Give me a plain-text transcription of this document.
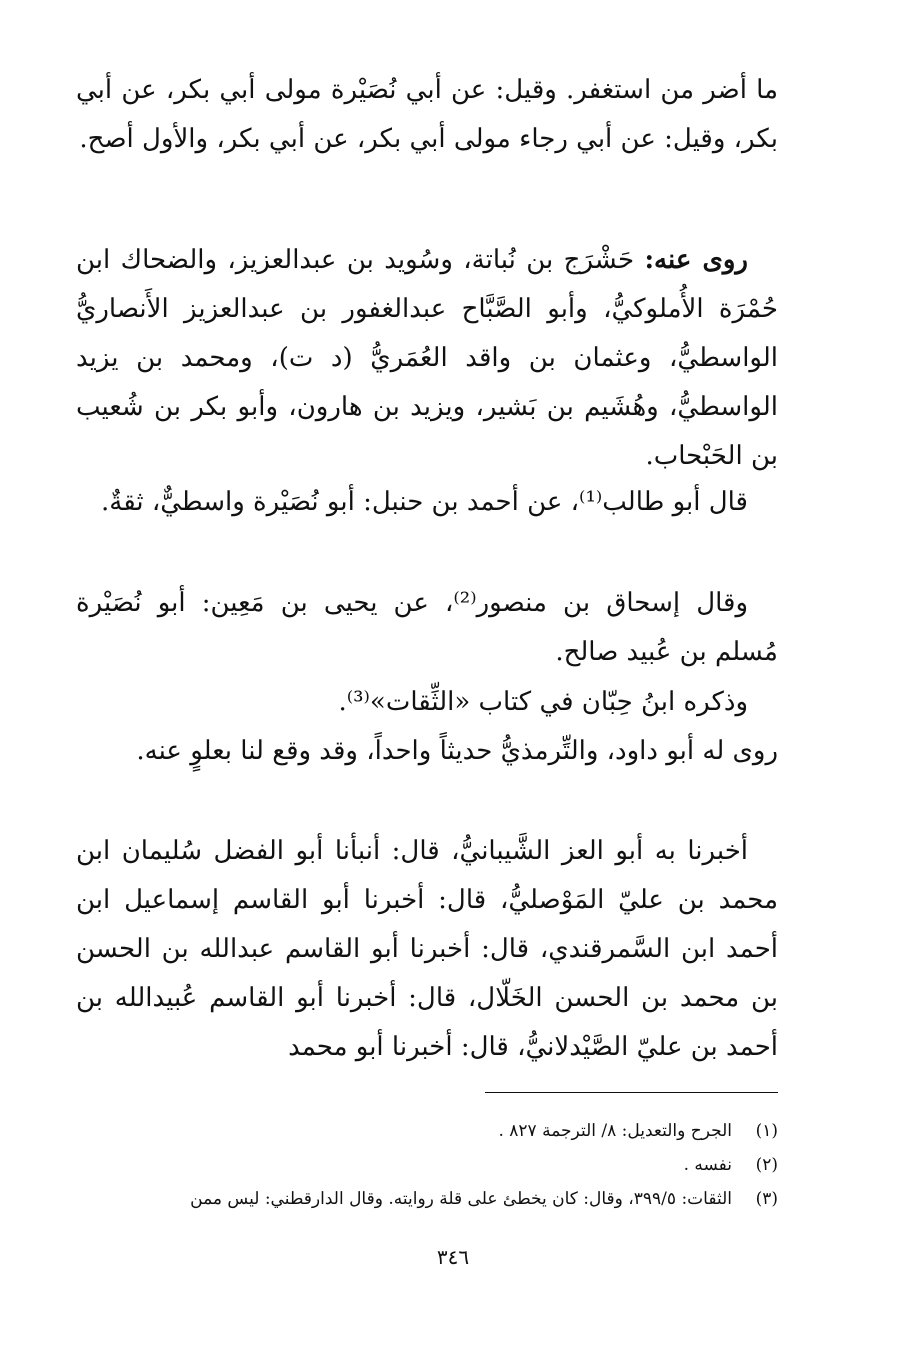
ما أضر من استغفر. وقيل: عن أبي نُصَيْرة مولى أبي بكر، عن أبي بكر، وقيل: عن أبي رجاء مولى أبي بكر، عن أبي بكر، والأول أصح.

روى عنه: حَشْرَج بن نُباتة، وسُويد بن عبدالعزيز، والضحاك ابن حُمْرَة الأُملوكيُّ، وأبو الصَّبَّاح عبدالغفور بن عبدالعزيز الأَنصاريُّ الواسطيُّ، وعثمان بن واقد العُمَريُّ (د ت)، ومحمد بن يزيد الواسطيُّ، وهُشَيم بن بَشير، ويزيد بن هارون، وأبو بكر بن شُعيب بن الحَبْحاب.

قال أبو طالب⁽¹⁾، عن أحمد بن حنبل: أبو نُصَيْرة واسطيٌّ، ثقةٌ.

وقال إسحاق بن منصور⁽²⁾، عن يحيى بن مَعِين: أبو نُصَيْرة مُسلم بن عُبيد صالح.

وذكره ابنُ حِبّان في كتاب «الثِّقات»⁽³⁾.

روى له أبو داود، والتِّرمذيُّ حديثاً واحداً، وقد وقع لنا بعلوٍ عنه.

أخبرنا به أبو العز الشَّيبانيُّ، قال: أنبأنا أبو الفضل سُليمان ابن محمد بن عليّ المَوْصليُّ، قال: أخبرنا أبو القاسم إسماعيل ابن أحمد ابن السَّمرقندي، قال: أخبرنا أبو القاسم عبدالله بن الحسن بن محمد بن الحسن الخَلّال، قال: أخبرنا أبو القاسم عُبيدالله بن أحمد بن عليّ الصَّيْدلانيُّ، قال: أخبرنا أبو محمد

(١)
الجرح والتعديل: ٨/ الترجمة ٨٢٧ .
(٢)
نفسه .
(٣)
الثقات: ٣٩٩/٥، وقال: كان يخطئ على قلة روايته. وقال الدارقطني: ليس ممن
٣٤٦
